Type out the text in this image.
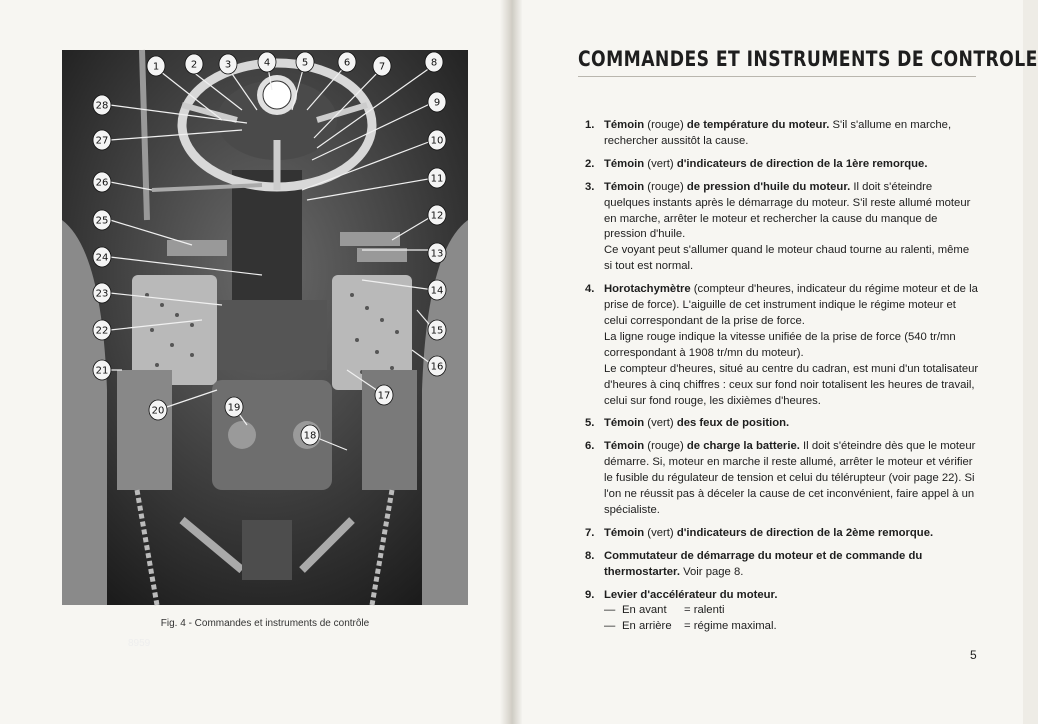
1	2	3	4	5	6	7	8
9
10
11
12
13
14
15
16
17
18
19
20
21
22
23
24
25
26
27
28
8959
Fig. 4 - Commandes et instruments de contrôle
COMMANDES ET INSTRUMENTS DE CONTROLE
1. Témoin (rouge) de température du moteur. S'il s'allume en marche, rechercher aussitôt la cause.
2. Témoin (vert) d'indicateurs de direction de la 1ère remorque.
3. Témoin (rouge) de pression d'huile du moteur. Il doit s'éteindre quelques instants après le démarrage du moteur. S'il reste allumé moteur en marche, arrêter le moteur et rechercher la cause du manque de pression d'huile.
Ce voyant peut s'allumer quand le moteur chaud tourne au ralenti, même si tout est normal.
4. Horotachymètre (compteur d'heures, indicateur du régime moteur et de la prise de force). L'aiguille de cet instrument indique le régime moteur et celui correspondant de la prise de force.
La ligne rouge indique la vitesse unifiée de la prise de force (540 tr/mn correspondant à 1908 tr/mn du moteur).
Le compteur d'heures, situé au centre du cadran, est muni d'un totalisateur d'heures à cinq chiffres : ceux sur fond noir totalisent les heures de travail, celui sur fond rouge, les dixièmes d'heures.
5. Témoin (vert) des feux de position.
6. Témoin (rouge) de charge la batterie. Il doit s'éteindre dès que le moteur démarre. Si, moteur en marche il reste allumé, arrêter le moteur et vérifier le fusible du régulateur de tension et celui du télérupteur (voir page 22). Si l'on ne réussit pas à déceler la cause de cet inconvénient, faire appel à un spécialiste.
7. Témoin (vert) d'indicateurs de direction de la 2ème remorque.
8. Commutateur de démarrage du moteur et de commande du thermostarter. Voir page 8.
9. Levier d'accélérateur du moteur.
— En avant = ralenti
— En arrière = régime maximal.
5
